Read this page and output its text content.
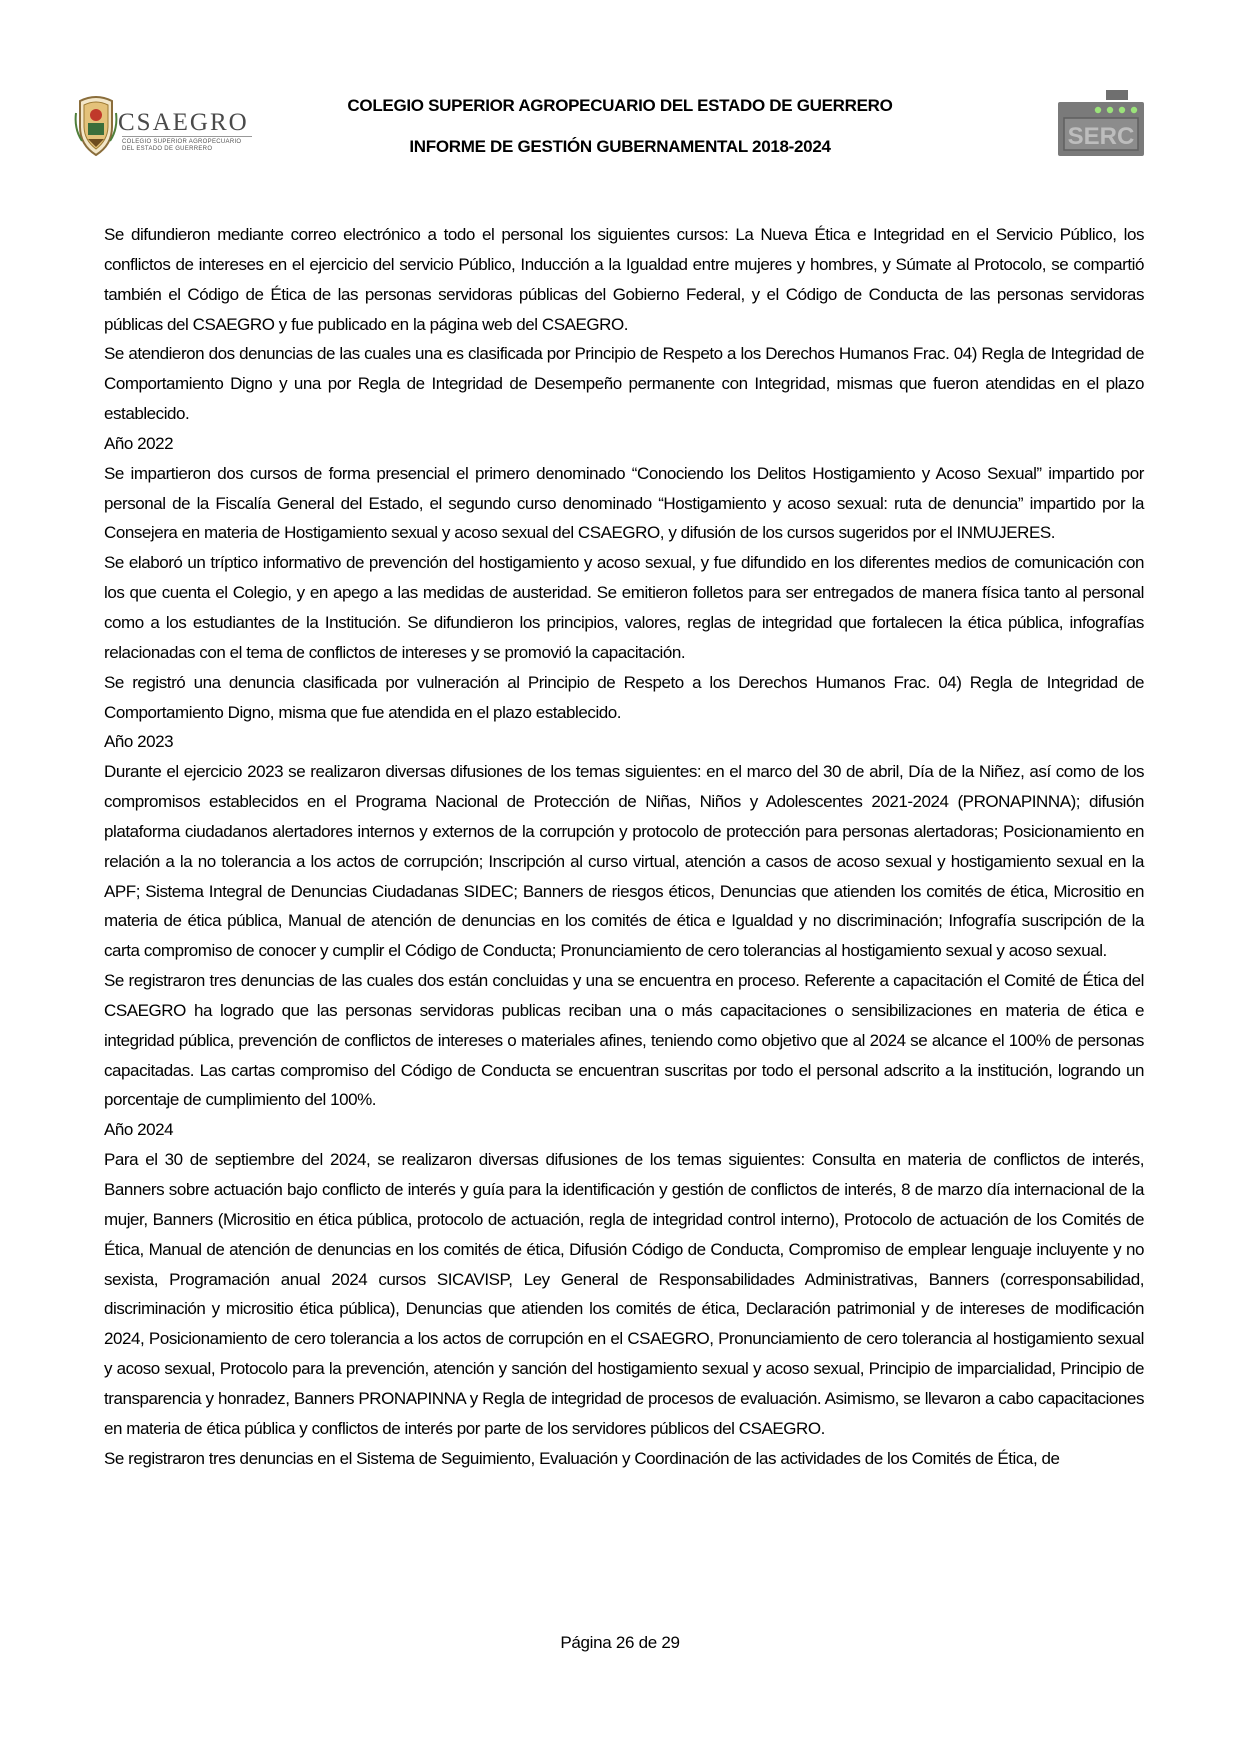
CSAEGRO
COLEGIO SUPERIOR AGROPECUARIO
DEL ESTADO DE GUERRERO
COLEGIO SUPERIOR AGROPECUARIO DEL ESTADO DE GUERRERO
INFORME DE GESTIÓN GUBERNAMENTAL 2018-2024	SERC

Se difundieron mediante correo electrónico a todo el personal los siguientes cursos: La Nueva Ética e Integridad en el Servicio Público, los conflictos de intereses en el ejercicio del servicio Público, Inducción a la Igualdad entre mujeres y hombres, y Súmate al Protocolo, se compartió también el Código de Ética de las personas servidoras públicas del Gobierno Federal, y el Código de Conducta de las personas servidoras públicas del CSAEGRO y fue publicado en la página web del CSAEGRO.

Se atendieron dos denuncias de las cuales una es clasificada por Principio de Respeto a los Derechos Humanos Frac. 04) Regla de Integridad de Comportamiento Digno y una por Regla de Integridad de Desempeño permanente con Integridad, mismas que fueron atendidas en el plazo establecido.

Año 2022

Se impartieron dos cursos de forma presencial el primero denominado “Conociendo los Delitos Hostigamiento y Acoso Sexual” impartido por personal de la Fiscalía General del Estado, el segundo curso denominado “Hostigamiento y acoso sexual: ruta de denuncia” impartido por la Consejera en materia de Hostigamiento sexual y acoso sexual del CSAEGRO, y difusión de los cursos sugeridos por el INMUJERES.

Se elaboró un tríptico informativo de prevención del hostigamiento y acoso sexual, y fue difundido en los diferentes medios de comunicación con los que cuenta el Colegio, y en apego a las medidas de austeridad. Se emitieron folletos para ser entregados de manera física tanto al personal como a los estudiantes de la Institución. Se difundieron los principios, valores, reglas de integridad que fortalecen la ética pública, infografías relacionadas con el tema de conflictos de intereses y se promovió la capacitación.

Se registró una denuncia clasificada por vulneración al Principio de Respeto a los Derechos Humanos Frac. 04) Regla de Integridad de Comportamiento Digno, misma que fue atendida en el plazo establecido.

Año 2023

Durante el ejercicio 2023 se realizaron diversas difusiones de los temas siguientes: en el marco del 30 de abril, Día de la Niñez, así como de los compromisos establecidos en el Programa Nacional de Protección de Niñas, Niños y Adolescentes 2021-2024 (PRONAPINNA); difusión plataforma ciudadanos alertadores internos y externos de la corrupción y protocolo de protección para personas alertadoras; Posicionamiento en relación a la no tolerancia a los actos de corrupción; Inscripción al curso virtual, atención a casos de acoso sexual y hostigamiento sexual en la APF; Sistema Integral de Denuncias Ciudadanas SIDEC; Banners de riesgos éticos, Denuncias que atienden los comités de ética, Micrositio en materia de ética pública, Manual de atención de denuncias en los comités de ética e Igualdad y no discriminación; Infografía suscripción de la carta compromiso de conocer y cumplir el Código de Conducta; Pronunciamiento de cero tolerancias al hostigamiento sexual y acoso sexual.

Se registraron tres denuncias de las cuales dos están concluidas y una se encuentra en proceso. Referente a capacitación el Comité de Ética del CSAEGRO ha logrado que las personas servidoras publicas reciban una o más capacitaciones o sensibilizaciones en materia de ética e integridad pública, prevención de conflictos de intereses o materiales afines, teniendo como objetivo que al 2024 se alcance el 100% de personas capacitadas. Las cartas compromiso del Código de Conducta se encuentran suscritas por todo el personal adscrito a la institución, logrando un porcentaje de cumplimiento del 100%.

Año 2024

Para el 30 de septiembre del 2024, se realizaron diversas difusiones de los temas siguientes: Consulta en materia de conflictos de interés, Banners sobre actuación bajo conflicto de interés y guía para la identificación y gestión de conflictos de interés, 8 de marzo día internacional de la mujer, Banners (Micrositio en ética pública, protocolo de actuación, regla de integridad control interno), Protocolo de actuación de los Comités de Ética, Manual de atención de denuncias en los comités de ética, Difusión Código de Conducta, Compromiso de emplear lenguaje incluyente y no sexista, Programación anual 2024 cursos SICAVISP, Ley General de Responsabilidades Administrativas, Banners (corresponsabilidad, discriminación y micrositio ética pública), Denuncias que atienden los comités de ética, Declaración patrimonial y de intereses de modificación 2024, Posicionamiento de cero tolerancia a los actos de corrupción en el CSAEGRO, Pronunciamiento de cero tolerancia al hostigamiento sexual y acoso sexual, Protocolo para la prevención, atención y sanción del hostigamiento sexual y acoso sexual, Principio de imparcialidad, Principio de transparencia y honradez, Banners PRONAPINNA y Regla de integridad de procesos de evaluación. Asimismo, se llevaron a cabo capacitaciones en materia de ética pública y conflictos de interés por parte de los servidores públicos del CSAEGRO.

Se registraron tres denuncias en el Sistema de Seguimiento, Evaluación y Coordinación de las actividades de los Comités de Ética, de

Página 26 de 29
